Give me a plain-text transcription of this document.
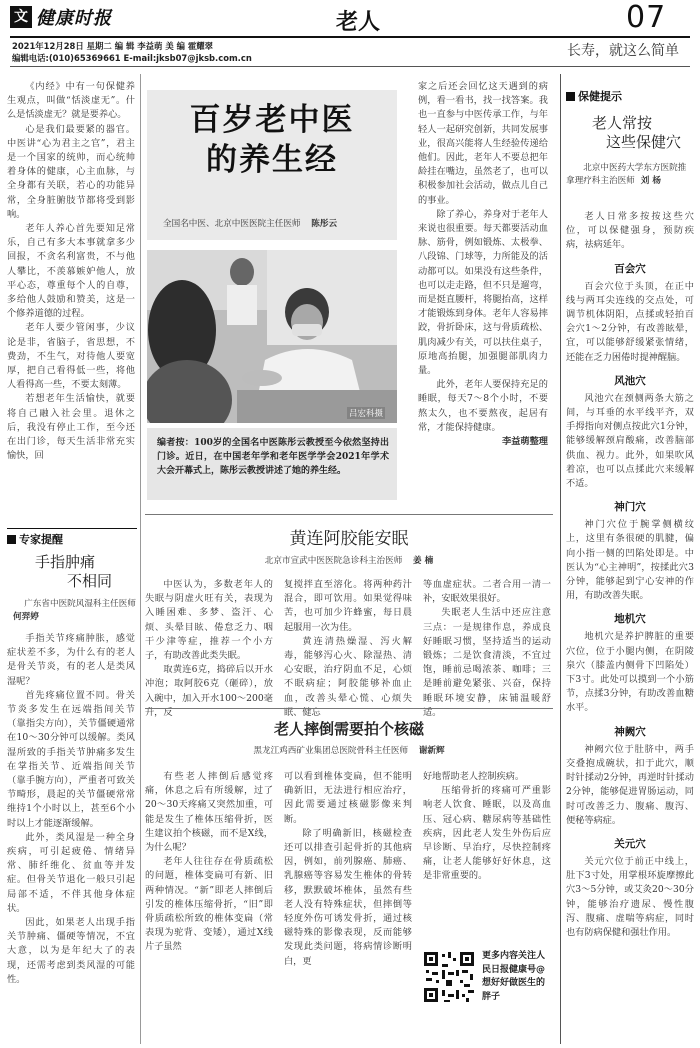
文 健康时报	老人	07
2021年12月28日 星期二 编 辑 李益萌 美 编 霍耀翠
编辑电话:(010)65369661 E-mail:jksb07@jksb.com.cn	长寿，就这么简单

《内经》中有一句保健养生观点，叫做“恬淡虚无”。什么是恬淡虚无？就是要养心。

心是我们最要紧的器官。中医讲“心为君主之官”，君主是一个国家的统帅，而心统帅着身体的健康，心主血脉，与全身都有关联，若心的功能异常，全身脏腑肢节都将受到影响。

老年人养心首先要知足常乐，自己有多大本事就拿多少回报，不贪名利富贵，不与他人攀比，不羡慕嫉妒他人，放平心态，尊重每个人的自尊，多给他人鼓励和赞美，这是一个修养道德的过程。

老年人要少管闲事，少议论是非，省脑子，省思想，不费劲，不生气，对待他人要宽厚，把自己看得低一些，将他人看得高一些，不要太刻薄。

若想老年生活愉快，就要将自己融入社会里。退休之后，我没有停止工作，至今还在出门诊，每天生活非常充实愉快，回

百岁老中医
的养生经
全国名中医、北京中医医院主任医师 陈彤云
吕宏科摄
编者按：100岁的全国名中医陈彤云教授至今依然坚持出门诊。近日，在中国老年学和老年医学学会2021年学术大会开幕式上，陈彤云教授讲述了她的养生经。

家之后还会回忆这天遇到的病例，看一看书，找一找答案。我也一直参与中医传承工作，与年轻人一起研究创新，共同发展事业，很高兴能将人生经验传递给他们。因此，老年人不要总把年龄挂在嘴边，虽然老了，也可以积极参加社会活动，做点儿自己的事业。

除了养心，养身对于老年人来说也很重要。每天都要活动血脉、筋骨，例如锻炼、太极拳、八段锦、门球等，力所能及的活动都可以。如果没有这些条件，也可以走走路，但不只是遛弯，而是挺直腰杆，将腿抬高，这样才能锻炼到身体。老年人容易摔跤，骨折卧床，这与骨质疏松、肌肉减少有关，可以扶住桌子，原地高抬腿，加强腿部肌肉力量。

此外，老年人要保持充足的睡眠，每天7～8个小时，不要熬太久，也不要熬夜，起居有常，才能保持健康。

李益萌整理

黄连阿胶能安眠
北京市宣武中医医院急诊科主治医师 姜 楠

中医认为，多数老年人的失眠与阴虚火旺有关，表现为入睡困难、多梦、盗汗、心烦、头晕目眩、倦怠乏力、咽干少津等症，推荐一个小方子，有助改善此类失眠。

取黄连6克，捣碎后以开水冲泡；取阿胶6克（砸碎），放入碗中，加入开水100～200毫升，反

复搅拌直至溶化。将两种药汁混合，即可饮用。如果觉得味苦，也可加少许蜂蜜，每日晨起服用一次为佳。

黄连清热燥湿、泻火解毒，能够泻心火、除湿热、清心安眠，治疗阴血不足，心烦不眠病症；阿胶能够补血止血，改善头晕心慌、心烦失眠、健忘

等血虚症状。二者合用一清一补，安眠效果很好。

失眠老人生活中还应注意三点：一是规律作息，养成良好睡眠习惯，坚持适当的运动锻炼；二是饮食清淡，不宜过饱，睡前忌喝浓茶、咖啡；三是睡前避免紧张、兴奋，保持睡眠环境安静，床铺温暖舒适。

老人摔倒需要拍个核磁
黑龙江鸡西矿业集团总医院骨科主任医师 谢新辉

有些老人摔倒后感觉疼痛，休息之后有所缓解，过了20～30天疼痛又突然加重，可能是发生了椎体压缩骨折，医生建议拍个核磁，而不是X线，为什么呢？

老年人往往存在骨质疏松的问题，椎体变扁可有新、旧两种情况。“新”即老人摔倒后引发的椎体压缩骨折，“旧”即骨质疏松所致的椎体变扁（常表现为驼背、变矮），通过X线片子虽然

可以看到椎体变扁，但不能明确新旧，无法进行相应治疗，因此需要通过核磁影像来判断。

除了明确新旧，核磁检查还可以排查引起骨折的其他病因，例如，前列腺癌、肺癌、乳腺癌等容易发生椎体的骨转移，默默破坏椎体，虽然有些老人没有特殊症状，但摔倒等轻度外伤可诱发骨折，通过核磁特殊的影像表现，反而能够发现此类问题，将病情诊断明白，更

好地帮助老人控制疾病。

压缩骨折的疼痛可严重影响老人饮食、睡眠，以及高血压、冠心病、糖尿病等基础性疾病，因此老人发生外伤后应早诊断、早治疗，尽快控制疼痛，让老人能够好好休息，这是非常重要的。

更多内容关注人民日报健康号@想好好做医生的胖子
专家提醒
手指肿痛
不相同
广东省中医院风湿科主任医师何羿婷

手指关节疼痛肿胀，感觉症状差不多，为什么有的老人是骨关节炎，有的老人是类风湿呢？

首先疼痛位置不同。骨关节炎多发生在远端指间关节（靠指尖方向），关节僵硬通常在10～30分钟可以缓解。类风湿所致的手指关节肿痛多发生在掌指关节、近端指间关节（靠手腕方向），严重者可致关节畸形，晨起的关节僵硬常常维持1个小时以上，甚至6个小时以上才能逐渐缓解。

此外，类风湿是一种全身疾病，可引起疲倦、情绪异常、肺纤维化、贫血等并发症。但骨关节退化一般只引起局部不适，不伴其他身体症状。

因此，如果老人出现手指关节肿痛、僵硬等情况，不宜大意，以为是年纪大了的表现，还需考虑到类风湿的可能性。

保健提示
老人常按
这些保健穴
北京中医药大学东方医院推拿理疗科主治医师 刘 杨

老人日常多按按这些穴位，可以保健强身，预防疾病，祛病延年。

百会穴

百会穴位于头顶，在正中线与两耳尖连线的交点处，可调节机体阴阳，点揉或轻拍百会穴1～2分钟，有改善眩晕，宜，可以能够舒缓紧张情绪，还能在乏力困倦时提神醒脑。

风池穴

风池穴在颈侧两条大筋之间，与耳垂的水平线平齐，双手拇指向对侧点按此穴1分钟，能够缓解颈肩酸痛，改善脑部供血、视力。此外，如果吹风着凉，也可以点揉此穴来缓解不适。

神门穴

神门穴位于腕掌侧横纹上，这里有条很硬的肌腱，偏向小指一侧的凹陷处即是。中医认为“心主神明”，按揉此穴3分钟，能够起到宁心安神的作用，有助改善失眠。

地机穴

地机穴是养护脾脏的重要穴位，位于小腿内侧，在阴陵泉穴（膝盖内侧骨下凹陷处）下3寸。此处可以摸到一个小筋节，点揉3分钟，有助改善血糖水平。

神阙穴

神阙穴位于肚脐中，两手交叠抱成碗状，扣于此穴，顺时针揉动2分钟，再逆时针揉动2分钟，能够促进胃肠运动，同时可改善乏力、腹痛、腹泻、便秘等病症。

关元穴

关元穴位于前正中线上，肚下3寸处，用掌根环旋摩擦此穴3～5分钟，或艾灸20～30分钟，能够治疗遗尿、慢性腹泻、腹痛、虚喘等病症，同时也有防病保健和强壮作用。
